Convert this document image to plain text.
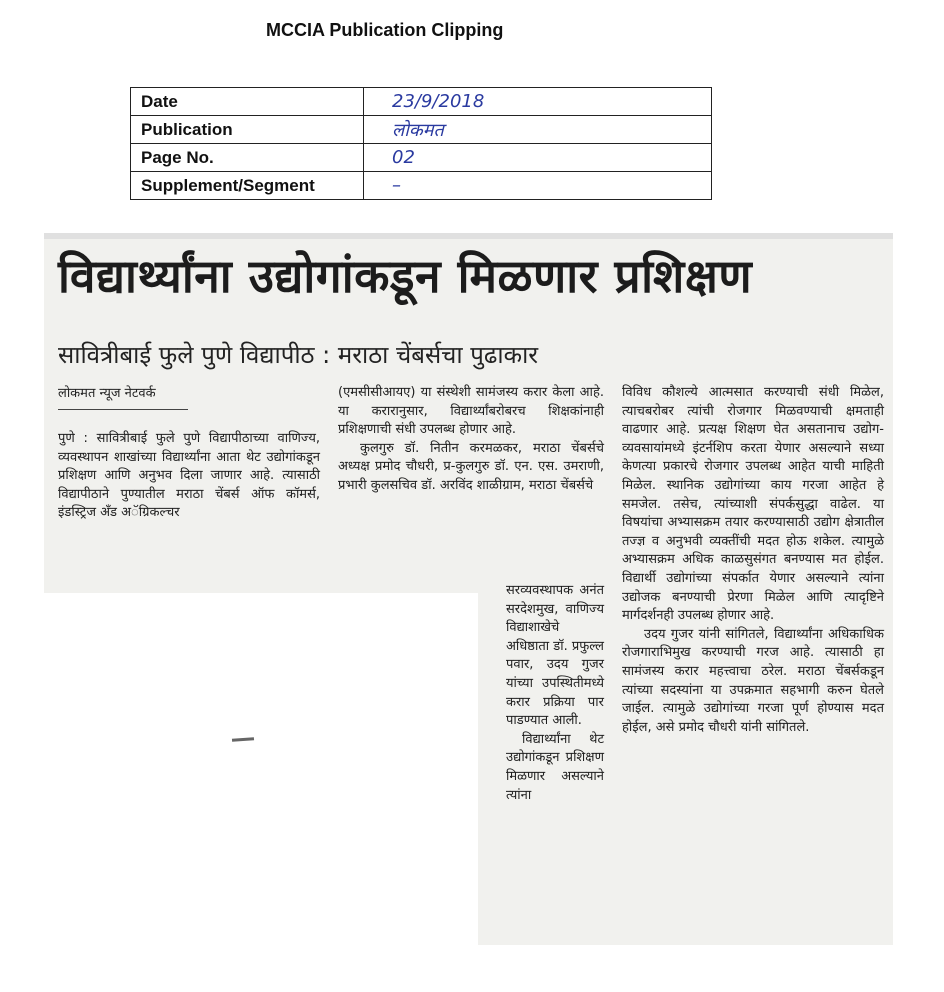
MCCIA Publication Clipping
Date	23/9/2018
Publication	लोकमत
Page No.	02
Supplement/Segment	–
विद्यार्थ्यांना उद्योगांकडून मिळणार प्रशिक्षण
सावित्रीबाई फुले पुणे विद्यापीठ : मराठा चेंबर्सचा पुढाकार
लोकमत न्यूज नेटवर्क

पुणे : सावित्रीबाई फुले पुणे विद्यापीठाच्या वाणिज्य, व्यवस्थापन शाखांच्या विद्यार्थ्यांना आता थेट उद्योगांकडून प्रशिक्षण आणि अनुभव दिला जाणार आहे. त्यासाठी विद्यापीठाने पुण्यातील मराठा चेंबर्स ऑफ कॉमर्स, इंडस्ट्रिज अँड अॅग्रिकल्चर

(एमसीसीआयए) या संस्थेशी सामंजस्य करार केला आहे. या करारानुसार, विद्यार्थ्यांबरोबरच शिक्षकांनाही प्रशिक्षणाची संधी उपलब्ध होणार आहे.

कुलगुरु डॉ. नितीन करमळकर, मराठा चेंबर्सचे अध्यक्ष प्रमोद चौधरी, प्र-कुलगुरु डॉ. एन. एस. उमराणी, प्रभारी कुलसचिव डॉ. अरविंद शाळीग्राम, मराठा चेंबर्सचे

सरव्यवस्थापक अनंत सरदेशमुख, वाणिज्य विद्याशाखेचे अधिष्ठाता डॉ. प्रफुल्ल पवार, उदय गुजर यांच्या उपस्थितीमध्ये करार प्रक्रिया पार पाडण्यात आली.

विद्यार्थ्यांना थेट उद्योगांकडून प्रशिक्षण मिळणार असल्याने त्यांना

विविध कौशल्ये आत्मसात करण्याची संधी मिळेल, त्याचबरोबर त्यांची रोजगार मिळवण्याची क्षमताही वाढणार आहे. प्रत्यक्ष शिक्षण घेत असतानाच उद्योग-व्यवसायांमध्ये इंटर्नशिप करता येणार असल्याने सध्या केणत्या प्रकारचे रोजगार उपलब्ध आहेत याची माहिती मिळेल. स्थानिक उद्योगांच्या काय गरजा आहेत हे समजेल. तसेच, त्यांच्याशी संपर्कसुद्धा वाढेल. या विषयांचा अभ्यासक्रम तयार करण्यासाठी उद्योग क्षेत्रातील तज्ज्ञ व अनुभवी व्यक्तींची मदत होऊ शकेल. त्यामुळे अभ्यासक्रम अधिक काळसुसंगत बनण्यास मत होईल. विद्यार्थी उद्योगांच्या संपर्कात येणार असल्याने त्यांना उद्योजक बनण्याची प्रेरणा मिळेल आणि त्यादृष्टिने मार्गदर्शनही उपलब्ध होणार आहे.

उदय गुजर यांनी सांगितले, विद्यार्थ्यांना अधिकाधिक रोजगाराभिमुख करण्याची गरज आहे. त्यासाठी हा सामंजस्य करार महत्त्वाचा ठरेल. मराठा चेंबर्सकडून त्यांच्या सदस्यांना या उपक्रमात सहभागी करुन घेतले जाईल. त्यामुळे उद्योगांच्या गरजा पूर्ण होण्यास मदत होईल, असे प्रमोद चौधरी यांनी सांगितले.
